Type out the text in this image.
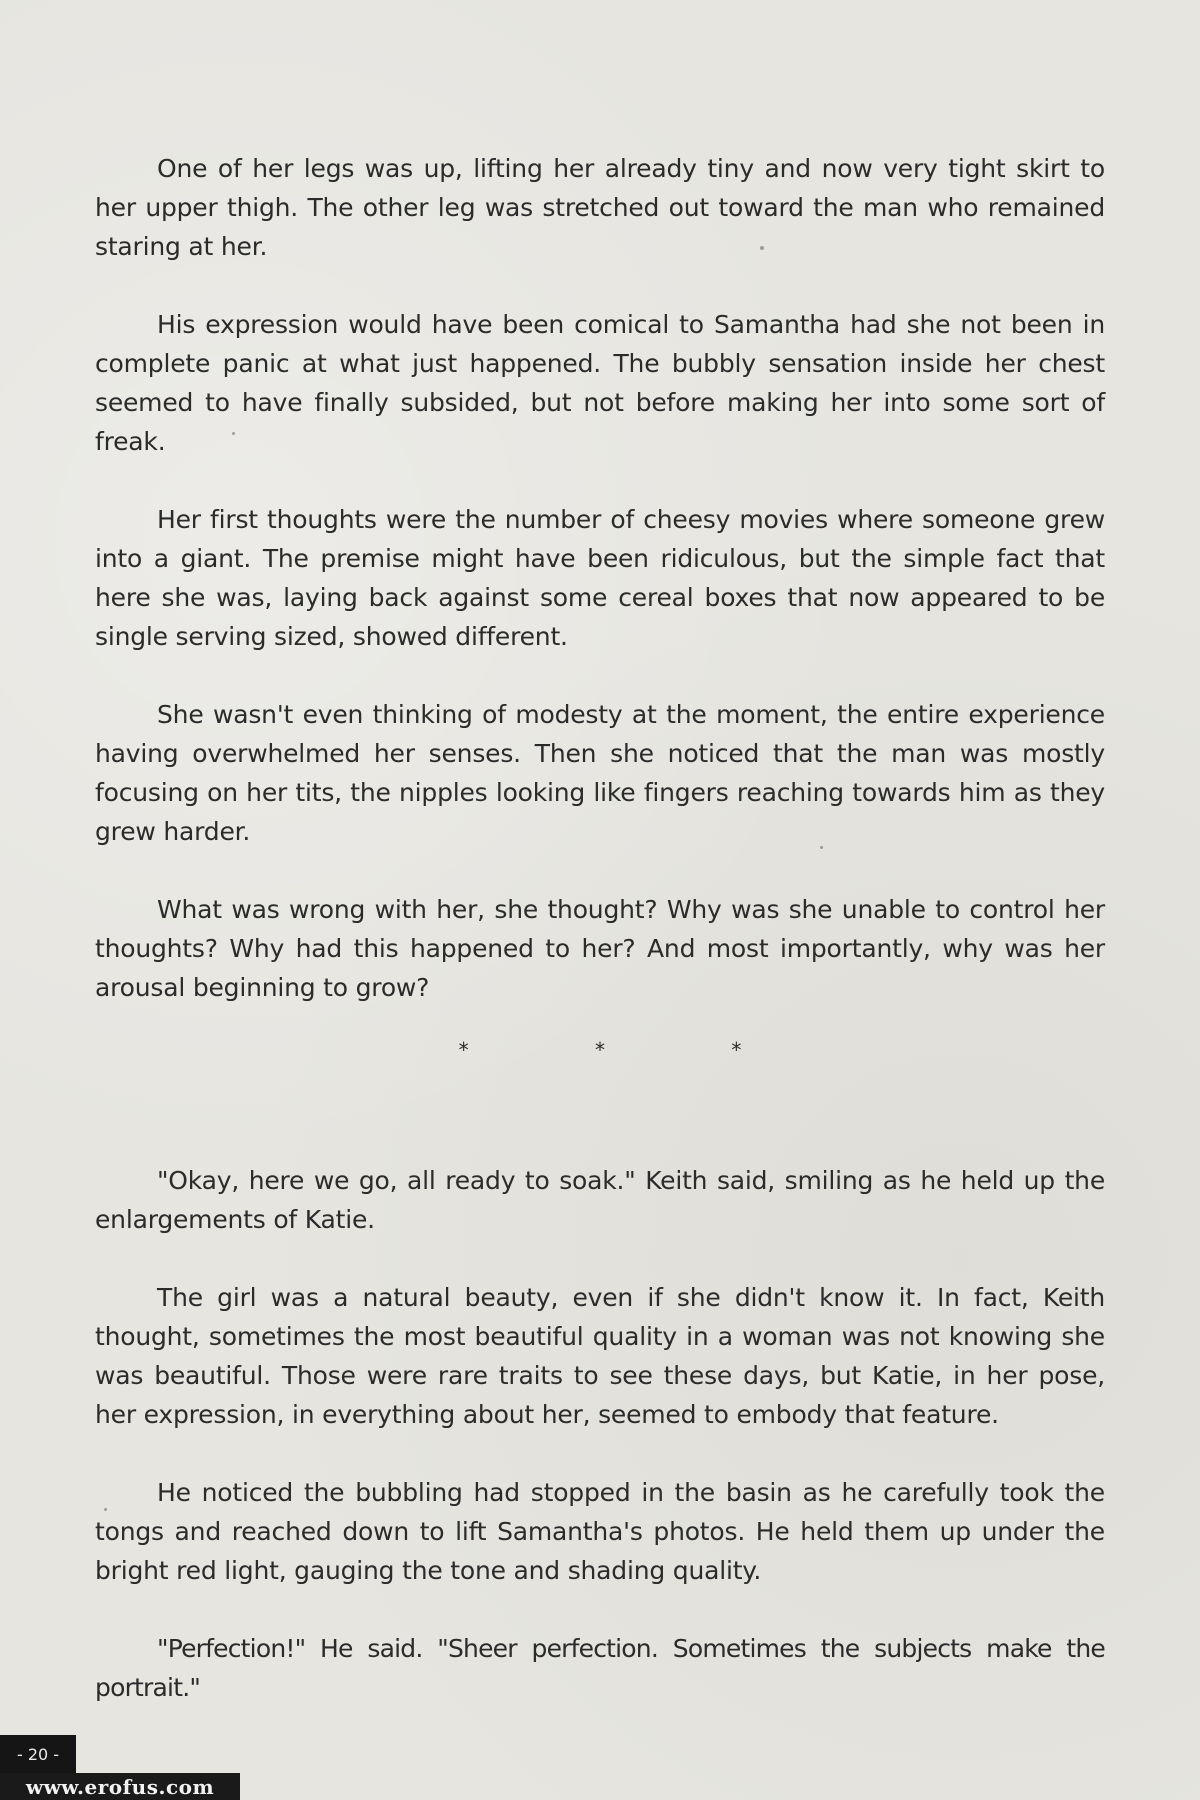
One of her legs was up, lifting her already tiny and now very tight skirt to her upper thigh. The other leg was stretched out toward the man who remained staring at her.

His expression would have been comical to Samantha had she not been in complete panic at what just happened. The bubbly sensation inside her chest seemed to have finally subsided, but not before making her into some sort of freak.

Her first thoughts were the number of cheesy movies where someone grew into a giant. The premise might have been ridiculous, but the simple fact that here she was, laying back against some cereal boxes that now appeared to be single serving sized, showed different.

She wasn't even thinking of modesty at the moment, the entire experience having overwhelmed her senses. Then she noticed that the man was mostly focusing on her tits, the nipples looking like fingers reaching towards him as they grew harder.

What was wrong with her, she thought? Why was she unable to control her thoughts? Why had this happened to her? And most importantly, why was her arousal beginning to grow?

* * *

"Okay, here we go, all ready to soak." Keith said, smiling as he held up the enlargements of Katie.

The girl was a natural beauty, even if she didn't know it. In fact, Keith thought, sometimes the most beautiful quality in a woman was not knowing she was beautiful. Those were rare traits to see these days, but Katie, in her pose, her expression, in everything about her, seemed to embody that feature.

He noticed the bubbling had stopped in the basin as he carefully took the tongs and reached down to lift Samantha's photos. He held them up under the bright red light, gauging the tone and shading quality.

"Perfection!" He said. "Sheer perfection. Sometimes the subjects make the portrait."

- 20 -
www.erofus.com
